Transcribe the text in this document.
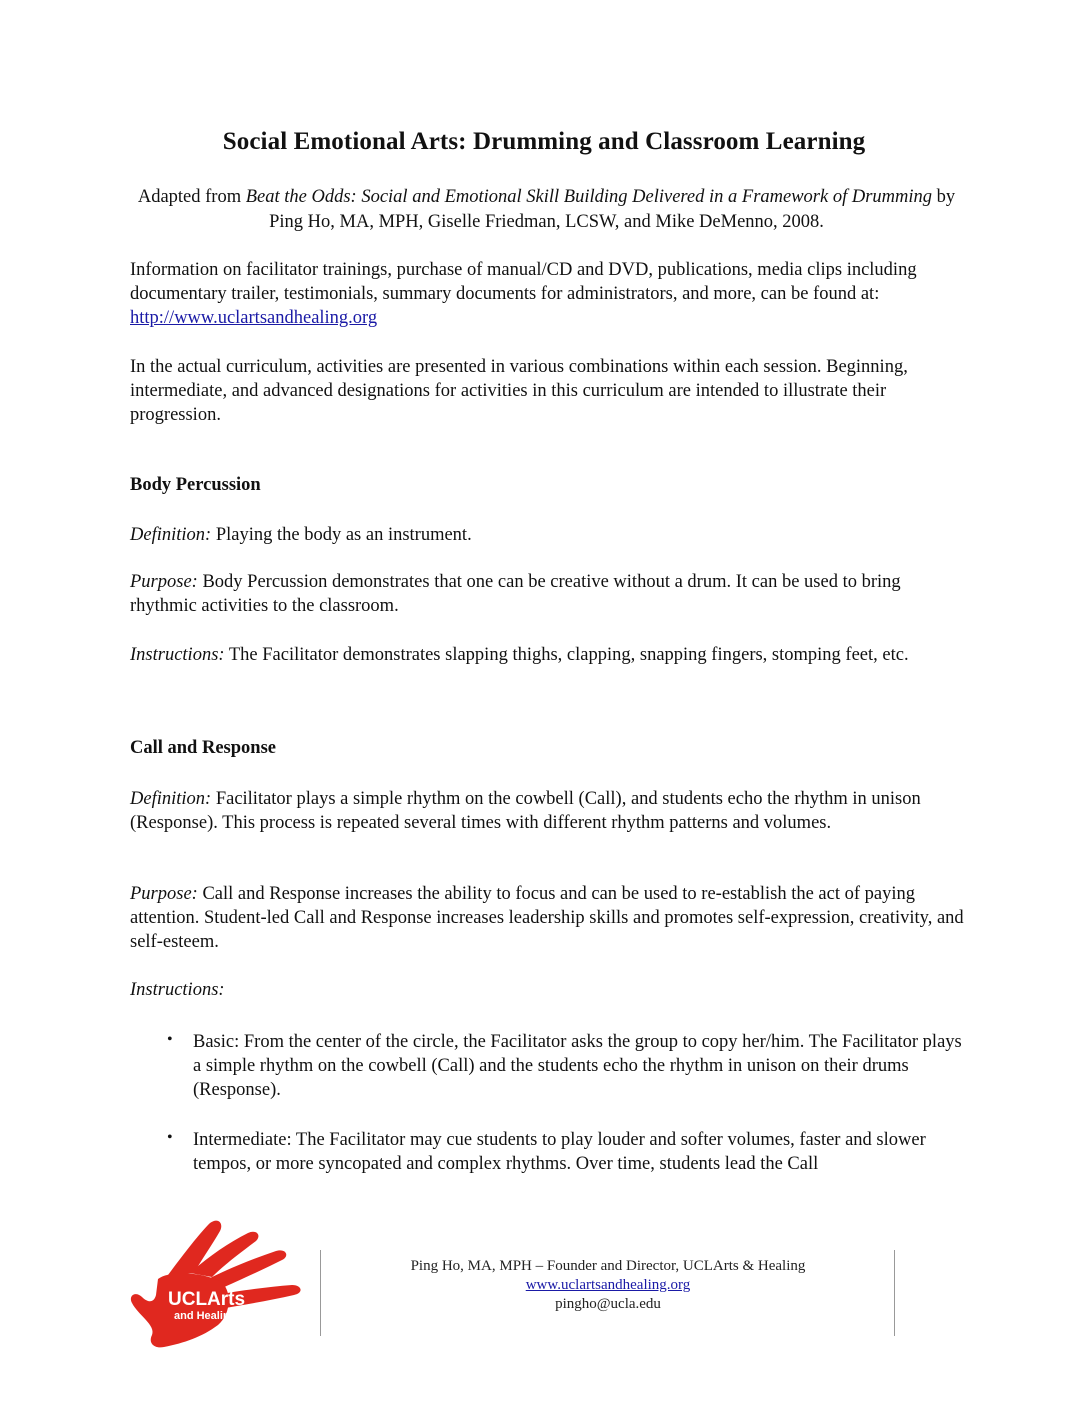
Social Emotional Arts: Drumming and Classroom Learning
Adapted from Beat the Odds: Social and Emotional Skill Building Delivered in a Framework of Drumming by
Ping Ho, MA, MPH, Giselle Friedman, LCSW, and Mike DeMenno, 2008.
Information on facilitator trainings, purchase of manual/CD and DVD, publications, media clips including documentary trailer, testimonials, summary documents for administrators, and more, can be found at: http://www.uclartsandhealing.org
In the actual curriculum, activities are presented in various combinations within each session. Beginning, intermediate, and advanced designations for activities in this curriculum are intended to illustrate their progression.
Body Percussion
Definition: Playing the body as an instrument.
Purpose: Body Percussion demonstrates that one can be creative without a drum. It can be used to bring rhythmic activities to the classroom.
Instructions: The Facilitator demonstrates slapping thighs, clapping, snapping fingers, stomping feet, etc.
Call and Response
Definition: Facilitator plays a simple rhythm on the cowbell (Call), and students echo the rhythm in unison (Response). This process is repeated several times with different rhythm patterns and volumes.
Purpose: Call and Response increases the ability to focus and can be used to re-establish the act of paying attention. Student-led Call and Response increases leadership skills and promotes self-expression, creativity, and self-esteem.
Instructions:
• Basic: From the center of the circle, the Facilitator asks the group to copy her/him. The Facilitator plays a simple rhythm on the cowbell (Call) and the students echo the rhythm in unison on their drums (Response).
• Intermediate: The Facilitator may cue students to play louder and softer volumes, faster and slower tempos, or more syncopated and complex rhythms. Over time, students lead the Call
UCLArts
and Healing
Ping Ho, MA, MPH – Founder and Director, UCLArts & Healing
www.uclartsandhealing.org
pingho@ucla.edu
